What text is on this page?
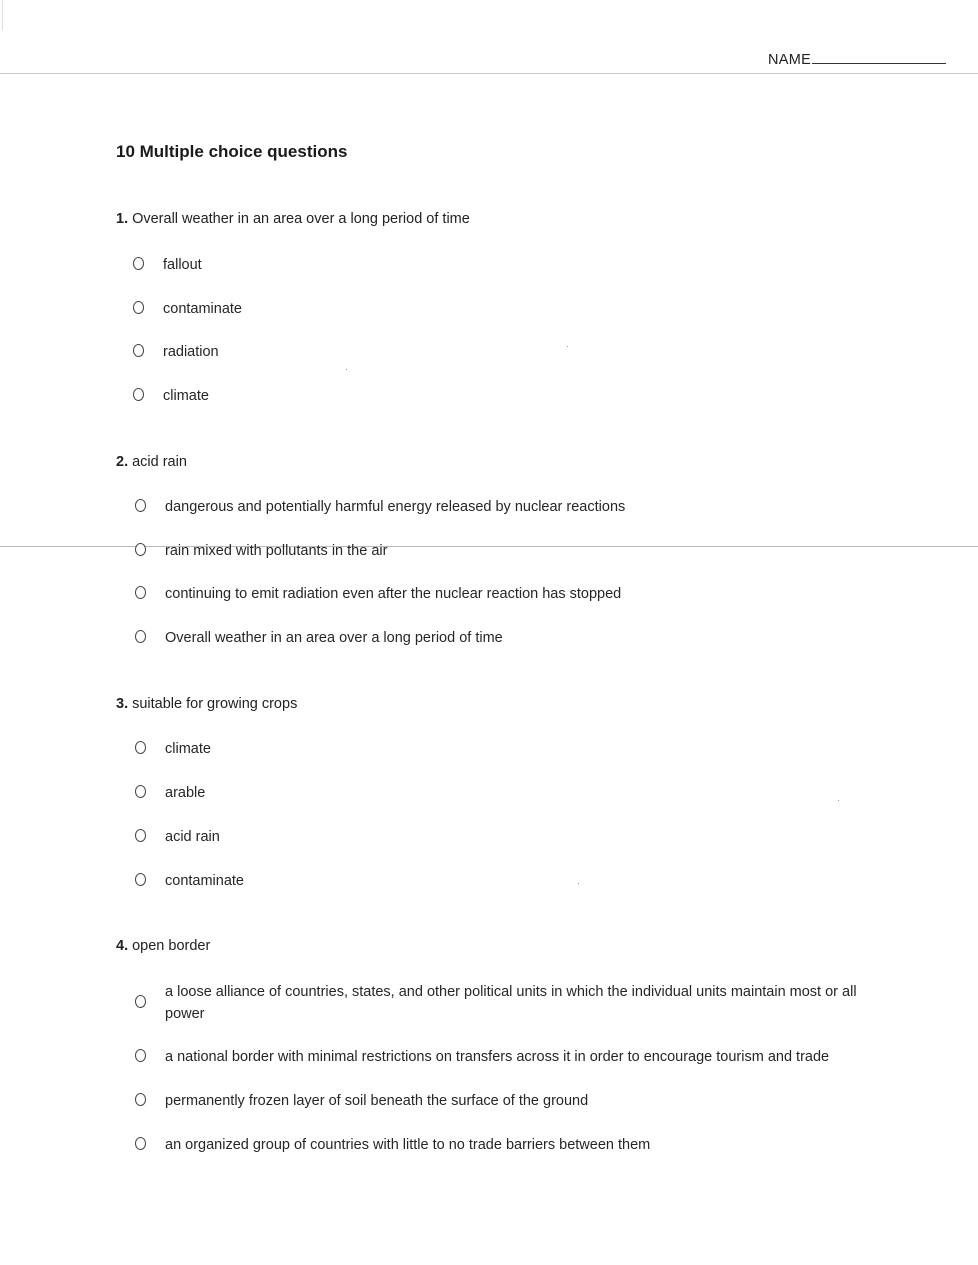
NAME
10 Multiple choice questions
1. Overall weather in an area over a long period of time
fallout
contaminate
radiation
climate
2. acid rain
dangerous and potentially harmful energy released by nuclear reactions
rain mixed with pollutants in the air
continuing to emit radiation even after the nuclear reaction has stopped
Overall weather in an area over a long period of time
3. suitable for growing crops
climate
arable
acid rain
contaminate
4. open border
a loose alliance of countries, states, and other political units in which the individual units maintain most or all power
a national border with minimal restrictions on transfers across it in order to encourage tourism and trade
permanently frozen layer of soil beneath the surface of the ground
an organized group of countries with little to no trade barriers between them
